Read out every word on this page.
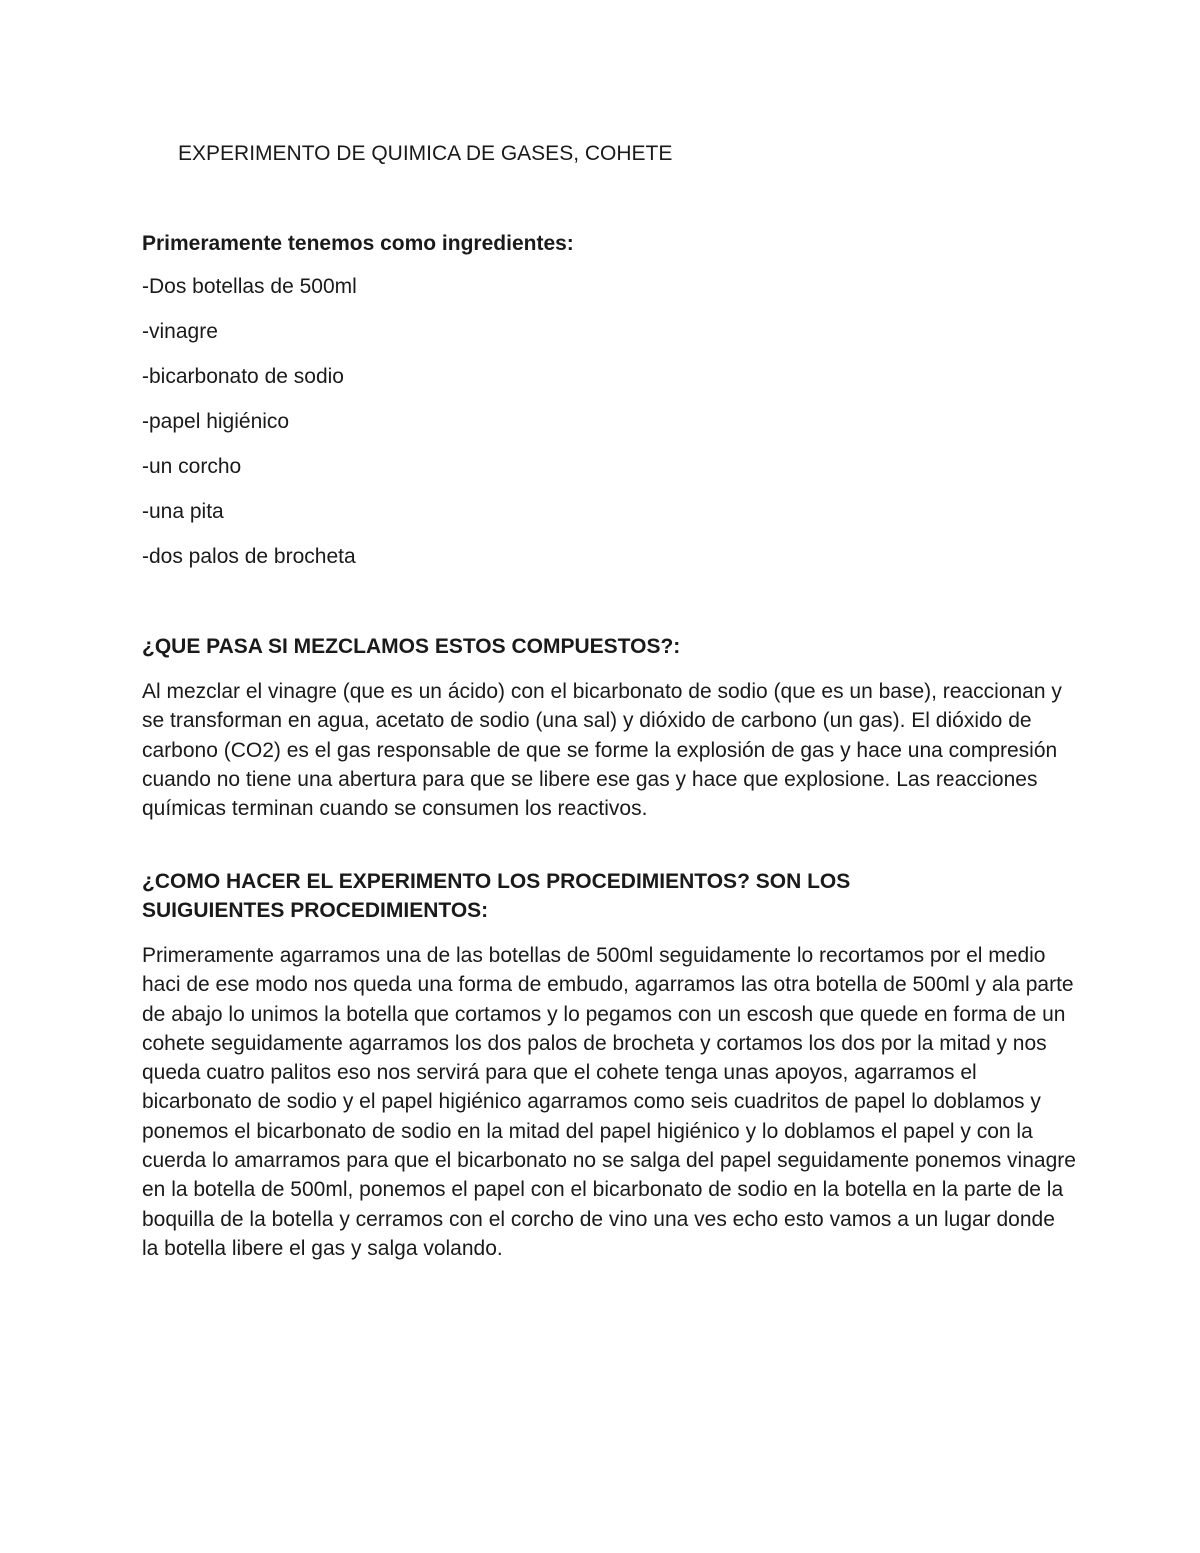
EXPERIMENTO DE QUIMICA DE GASES, COHETE
Primeramente tenemos como ingredientes:
-Dos botellas de 500ml
-vinagre
-bicarbonato de sodio
-papel higiénico
-un corcho
-una pita
-dos palos de brocheta
¿QUE PASA SI MEZCLAMOS ESTOS COMPUESTOS?:

Al mezclar el vinagre (que es un ácido) con el bicarbonato de sodio (que es un base), reaccionan y se transforman en agua, acetato de sodio (una sal) y dióxido de carbono (un gas). El dióxido de carbono (CO2) es el gas responsable de que se forme la explosión de gas y hace una compresión cuando no tiene una abertura para que se libere ese gas y hace que explosione. Las reacciones químicas terminan cuando se consumen los reactivos.

¿COMO HACER EL EXPERIMENTO LOS PROCEDIMIENTOS? SON LOS SUIGUIENTES PROCEDIMIENTOS:

Primeramente agarramos una de las botellas de 500ml seguidamente lo recortamos por el medio haci de ese modo nos queda una forma de embudo, agarramos las otra botella de 500ml y ala parte de abajo lo unimos la botella que cortamos y lo pegamos con un escosh que quede en forma de un cohete seguidamente agarramos los dos palos de brocheta y cortamos los dos por la mitad y nos queda cuatro palitos eso nos servirá para que el cohete tenga unas apoyos, agarramos el bicarbonato de sodio y el papel higiénico agarramos como seis cuadritos de papel lo doblamos y ponemos el bicarbonato de sodio en la mitad del papel higiénico y lo doblamos el papel y con la cuerda lo amarramos para que el bicarbonato no se salga del papel seguidamente ponemos vinagre en la botella de 500ml, ponemos el papel con el bicarbonato de sodio en la botella en la parte de la boquilla de la botella y cerramos con el corcho de vino una ves echo esto vamos a un lugar donde la botella libere el gas y salga volando.
